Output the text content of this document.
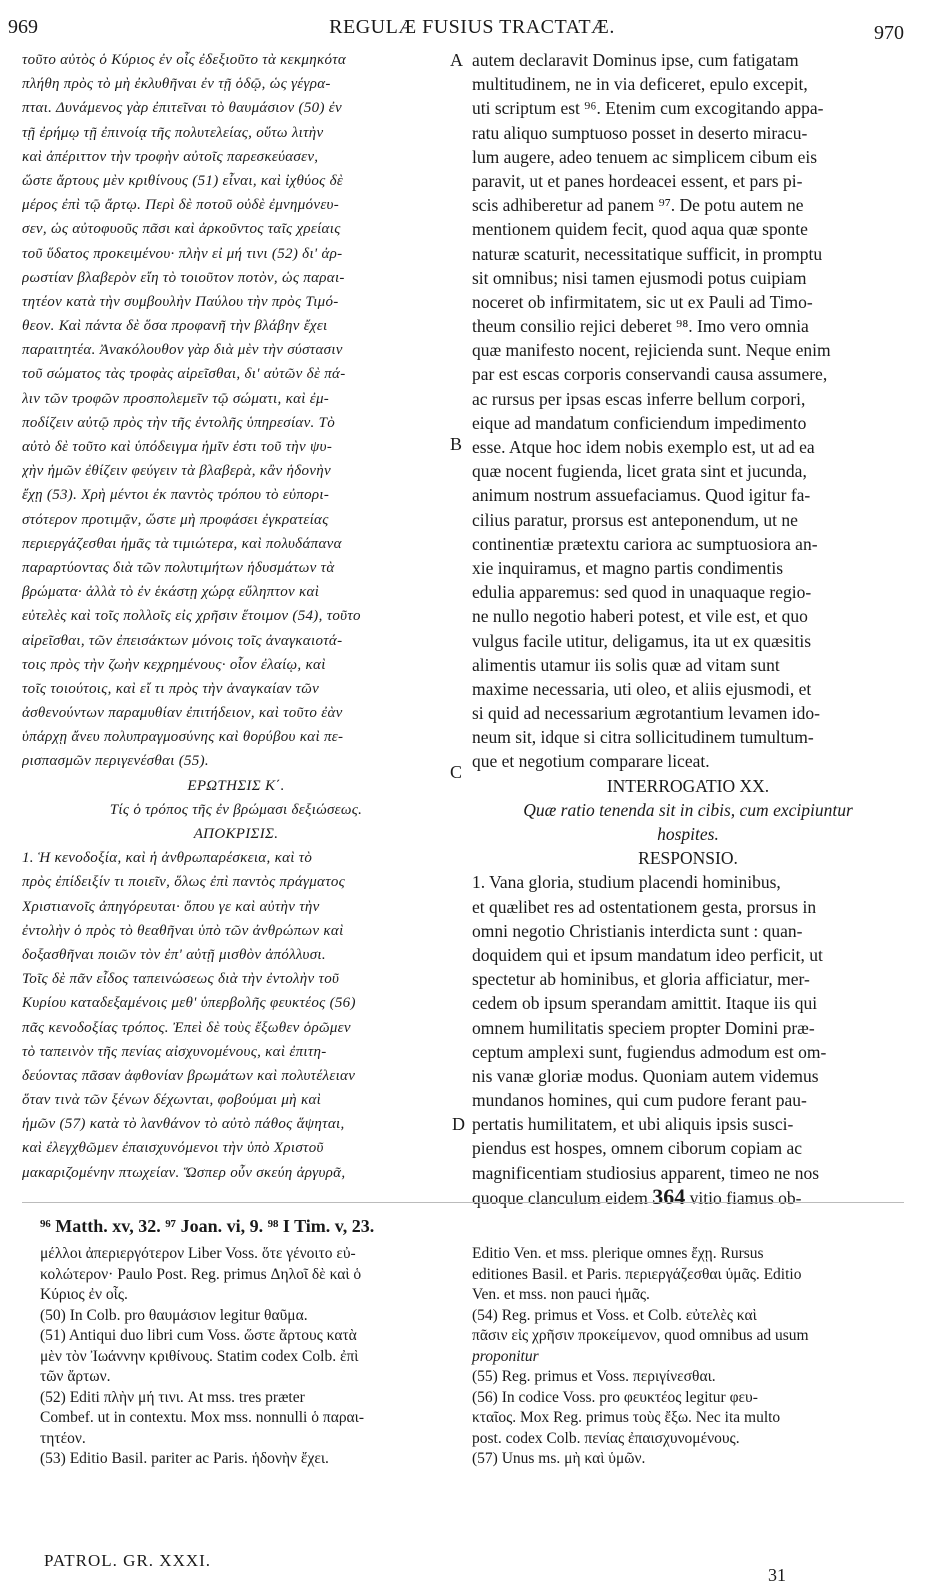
969	REGULÆ FUSIUS TRACTATÆ.	970
τοῦτο αὐτὸς ὁ Κύριος ἐν οἷς ἐδεξιοῦτο τὰ κεκμηκότα
πλήθη πρὸς τὸ μὴ ἐκλυθῆναι ἐν τῇ ὁδῷ, ὡς γέγρα-
πται. Δυνάμενος γὰρ ἐπιτεῖναι τὸ θαυμάσιον (50) ἐν
τῇ ἐρήμῳ τῇ ἐπινοίᾳ τῆς πολυτελείας, οὕτω λιτὴν
καὶ ἀπέριττον τὴν τροφὴν αὐτοῖς παρεσκεύασεν,
ὥστε ἄρτους μὲν κριθίνους (51) εἶναι, καὶ ἰχθύος δὲ
μέρος ἐπὶ τῷ ἄρτῳ. Περὶ δὲ ποτοῦ οὐδὲ ἐμνημόνευ-
σεν, ὡς αὐτοφυοῦς πᾶσι καὶ ἀρκοῦντος ταῖς χρείαις
τοῦ ὕδατος προκειμένου· πλὴν εἰ μή τινι (52) δι' ἀρ-
ρωστίαν βλαβερὸν εἴη τὸ τοιοῦτον ποτὸν, ὡς παραι-
τητέον κατὰ τὴν συμβουλὴν Παύλου τὴν πρὸς Τιμό-
θεον. Καὶ πάντα δὲ ὅσα προφανῆ τὴν βλάβην ἔχει
παραιτητέα. Ἀνακόλουθον γὰρ διὰ μὲν τὴν σύστασιν
τοῦ σώματος τὰς τροφὰς αἱρεῖσθαι, δι' αὐτῶν δὲ πά-
λιν τῶν τροφῶν προσπολεμεῖν τῷ σώματι, καὶ ἐμ-
ποδίζειν αὐτῷ πρὸς τὴν τῆς ἐντολῆς ὑπηρεσίαν. Τὸ
αὐτὸ δὲ τοῦτο καὶ ὑπόδειγμα ἡμῖν ἐστι τοῦ τὴν ψυ-
χὴν ἡμῶν ἐθίζειν φεύγειν τὰ βλαβερὰ, κἂν ἡδονὴν
ἔχῃ (53). Χρὴ μέντοι ἐκ παντὸς τρόπου τὸ εὐπορι-
στότερον προτιμᾷν, ὥστε μὴ προφάσει ἐγκρατείας
περιεργάζεσθαι ἡμᾶς τὰ τιμιώτερα, καὶ πολυδάπανα
παραρτύοντας διὰ τῶν πολυτιμήτων ἡδυσμάτων τὰ
βρώματα· ἀλλὰ τὸ ἐν ἑκάστῃ χώρᾳ εὔληπτον καὶ
εὐτελὲς καὶ τοῖς πολλοῖς εἰς χρῆσιν ἕτοιμον (54), τοῦτο
αἱρεῖσθαι, τῶν ἐπεισάκτων μόνοις τοῖς ἀναγκαιοτά-
τοις πρὸς τὴν ζωὴν κεχρημένους· οἷον ἐλαίῳ, καὶ
τοῖς τοιούτοις, καὶ εἴ τι πρὸς τὴν ἀναγκαίαν τῶν
ἀσθενούντων παραμυθίαν ἐπιτήδειον, καὶ τοῦτο ἐὰν
ὑπάρχῃ ἄνευ πολυπραγμοσύνης καὶ θορύβου καὶ πε-
ρισπασμῶν περιγενέσθαι (55).
ΕΡΩΤΗΣΙΣ Κ΄.
Τίς ὁ τρόπος τῆς ἐν βρώμασι δεξιώσεως.
ΑΠΟΚΡΙΣΙΣ.
1. Ἡ κενοδοξία, καὶ ἡ ἀνθρωπαρέσκεια, καὶ τὸ
πρὸς ἐπίδειξίν τι ποιεῖν, ὅλως ἐπὶ παντὸς πράγματος
Χριστιανοῖς ἀπηγόρευται· ὅπου γε καὶ αὐτὴν τὴν
ἐντολὴν ὁ πρὸς τὸ θεαθῆναι ὑπὸ τῶν ἀνθρώπων καὶ
δοξασθῆναι ποιῶν τὸν ἐπ' αὐτῇ μισθὸν ἀπόλλυσι.
Τοῖς δὲ πᾶν εἶδος ταπεινώσεως διὰ τὴν ἐντολὴν τοῦ
Κυρίου καταδεξαμένοις μεθ' ὑπερβολῆς φευκτέος (56)
πᾶς κενοδοξίας τρόπος. Ἐπεὶ δὲ τοὺς ἔξωθεν ὁρῶμεν
τὸ ταπεινὸν τῆς πενίας αἰσχυνομένους, καὶ ἐπιτη-
δεύοντας πᾶσαν ἀφθονίαν βρωμάτων καὶ πολυτέλειαν
ὅταν τινὰ τῶν ξένων δέχωνται, φοβούμαι μὴ καὶ
ἡμῶν (57) κατὰ τὸ λανθάνον τὸ αὐτὸ πάθος ἅψηται,
καὶ ἐλεγχθῶμεν ἐπαισχυνόμενοι τὴν ὑπὸ Χριστοῦ
μακαριζομένην πτωχείαν. Ὥσπερ οὖν σκεύη ἀργυρᾶ,
autem declaravit Dominus ipse, cum fatigatam
multitudinem, ne in via deficeret, epulo excepit,
uti scriptum est ⁹⁶. Etenim cum excogitando appa-
ratu aliquo sumptuoso posset in deserto miracu-
lum augere, adeo tenuem ac simplicem cibum eis
paravit, ut et panes hordeacei essent, et pars pi-
scis adhiberetur ad panem ⁹⁷. De potu autem ne
mentionem quidem fecit, quod aqua quæ sponte
naturæ scaturit, necessitatique sufficit, in promptu
sit omnibus; nisi tamen ejusmodi potus cuipiam
noceret ob infirmitatem, sic ut ex Pauli ad Timo-
theum consilio rejici deberet ⁹⁸. Imo vero omnia
quæ manifesto nocent, rejicienda sunt. Neque enim
par est escas corporis conservandi causa assumere,
ac rursus per ipsas escas inferre bellum corpori,
eique ad mandatum conficiendum impedimento
esse. Atque hoc idem nobis exemplo est, ut ad ea
quæ nocent fugienda, licet grata sint et jucunda,
animum nostrum assuefaciamus. Quod igitur fa-
cilius paratur, prorsus est anteponendum, ut ne
continentiæ prætextu cariora ac sumptuosiora an-
xie inquiramus, et magno partis condimentis
edulia apparemus: sed quod in unaquaque regio-
ne nullo negotio haberi potest, et vile est, et quo
vulgus facile utitur, deligamus, ita ut ex quæsitis
alimentis utamur iis solis quæ ad vitam sunt
maxime necessaria, uti oleo, et aliis ejusmodi, et
si quid ad necessarium ægrotantium levamen ido-
neum sit, idque si citra sollicitudinem tumultum-
que et negotium comparare liceat.
INTERROGATIO XX.
Quæ ratio tenenda sit in cibis, cum excipiuntur
hospites.
RESPONSIO.
1. Vana gloria, studium placendi hominibus,
et quælibet res ad ostentationem gesta, prorsus in
omni negotio Christianis interdicta sunt : quan-
doquidem qui et ipsum mandatum ideo perficit, ut
spectetur ab hominibus, et gloria afficiatur, mer-
cedem ob ipsum sperandam amittit. Itaque iis qui
omnem humilitatis speciem propter Domini præ-
ceptum amplexi sunt, fugiendus admodum est om-
nis vanæ gloriæ modus. Quoniam autem videmus
mundanos homines, qui cum pudore ferant pau-
pertatis humilitatem, et ubi aliquis ipsis susci-
piendus est hospes, omnem ciborum copiam ac
magnificentiam studiosius apparent, timeo ne nos
quoque clanculum eidem 364 vitio fiamus ob-
A
B
C
D
⁹⁶ Matth. xv, 32. ⁹⁷ Joan. vi, 9. ⁹⁸ I Tim. v, 23.
μέλλοι ἀπεριεργότερον Liber Voss. ὅτε γένοιτο εὐ-
κολώτερον· Paulo Post. Reg. primus Δηλοῖ δὲ καὶ ὁ
Κύριος ἐν οἷς.
(50) In Colb. pro θαυμάσιον legitur θαῦμα.
(51) Antiqui duo libri cum Voss. ὥστε ἄρτους κατὰ
μὲν τὸν Ἰωάννην κριθίνους. Statim codex Colb. ἐπὶ
τῶν ἄρτων.
(52) Editi πλὴν μή τινι. At mss. tres præter
Combef. ut in contextu. Mox mss. nonnulli ὁ παραι-
τητέον.
(53) Editio Basil. pariter ac Paris. ἡδονὴν ἔχει.
Editio Ven. et mss. plerique omnes ἔχῃ. Rursus
editiones Basil. et Paris. περιεργάζεσθαι ὑμᾶς. Editio
Ven. et mss. non pauci ἡμᾶς.
(54) Reg. primus et Voss. et Colb. εὐτελὲς καὶ
πᾶσιν εἰς χρῆσιν προκείμενον, quod omnibus ad usum
proponitur
(55) Reg. primus et Voss. περιγίνεσθαι.
(56) In codice Voss. pro φευκτέος legitur φευ-
κταῖος. Mox Reg. primus τοὺς ἔξω. Nec ita multo
post. codex Colb. πενίας ἐπαισχυνομένους.
(57) Unus ms. μὴ καὶ ὑμῶν.
PATROL. GR. XXXI.
31
